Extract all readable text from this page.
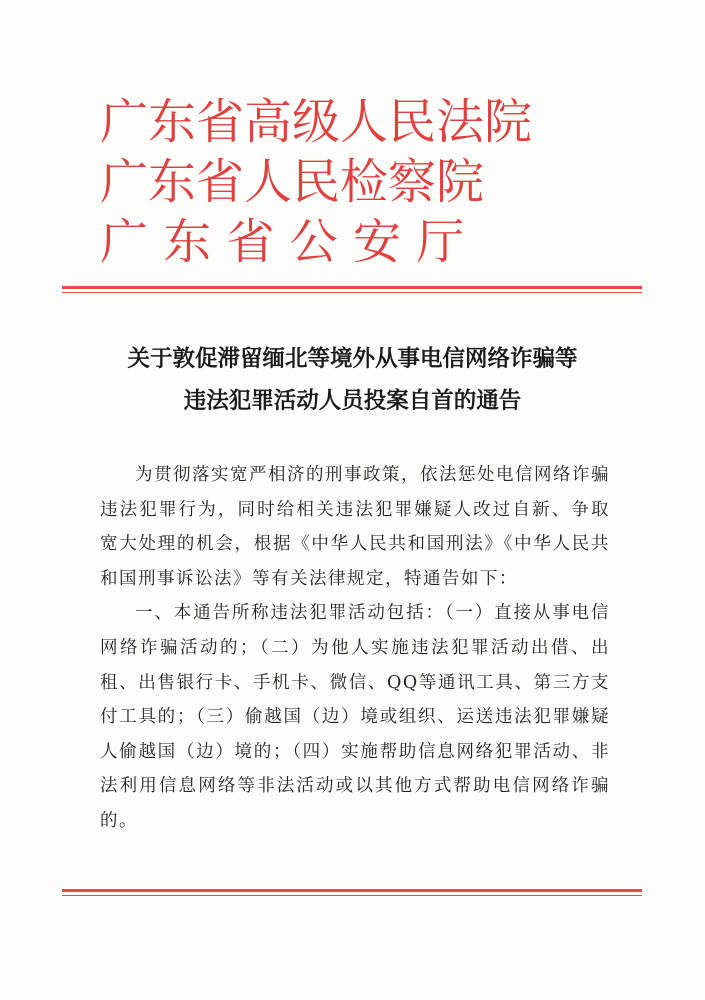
广东省高级人民法院
广东省人民检察院
广 东 省 公 安 厅
关于敦促滞留缅北等境外从事电信网络诈骗等
违法犯罪活动人员投案自首的通告

为贯彻落实宽严相济的刑事政策，依法惩处电信网络诈骗违法犯罪行为，同时给相关违法犯罪嫌疑人改过自新、争取宽大处理的机会，根据《中华人民共和国刑法》《中华人民共和国刑事诉讼法》等有关法律规定，特通告如下：

一、本通告所称违法犯罪活动包括：（一）直接从事电信网络诈骗活动的；（二）为他人实施违法犯罪活动出借、出租、出售银行卡、手机卡、微信、QQ等通讯工具、第三方支付工具的；（三）偷越国（边）境或组织、运送违法犯罪嫌疑人偷越国（边）境的；（四）实施帮助信息网络犯罪活动、非法利用信息网络等非法活动或以其他方式帮助电信网络诈骗的。
